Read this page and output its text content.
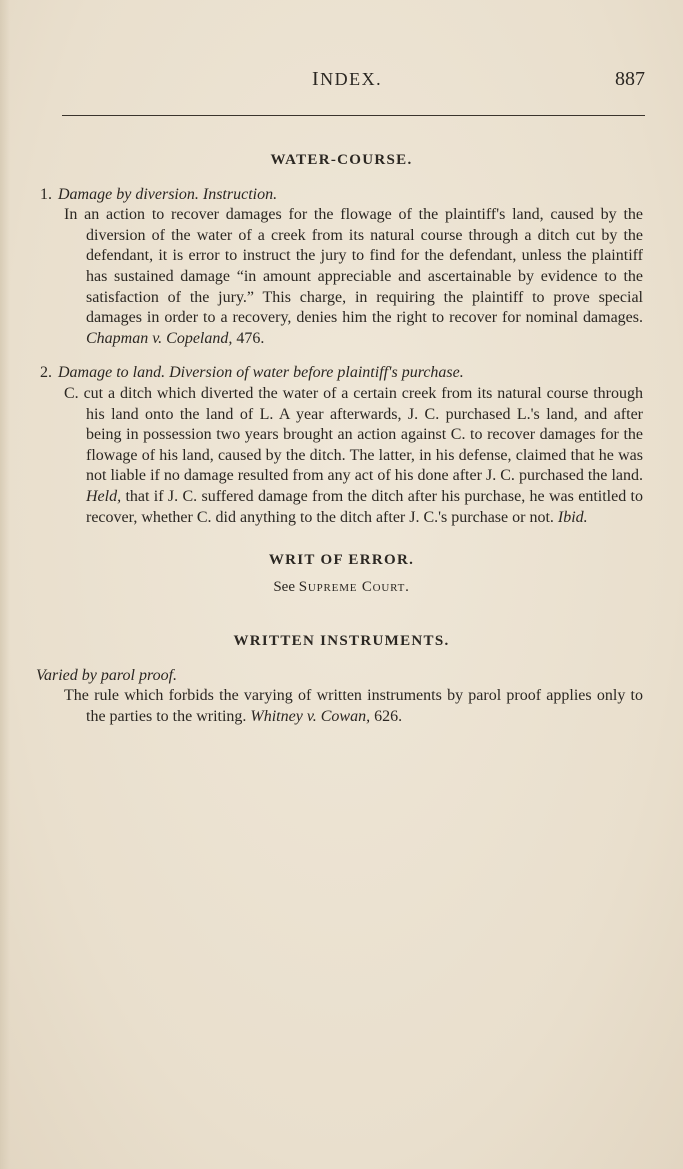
INDEX.	887
WATER-COURSE.
1. Damage by diversion. Instruction.

In an action to recover damages for the flowage of the plaintiff's land, caused by the diversion of the water of a creek from its natural course through a ditch cut by the defendant, it is error to instruct the jury to find for the defendant, unless the plaintiff has sustained damage “in amount appreciable and ascertainable by evidence to the satisfaction of the jury.” This charge, in requiring the plaintiff to prove special damages in order to a recovery, denies him the right to recover for nominal damages. Chapman v. Copeland, 476.

2. Damage to land. Diversion of water before plaintiff's purchase.

C. cut a ditch which diverted the water of a certain creek from its natural course through his land onto the land of L. A year afterwards, J. C. purchased L.'s land, and after being in possession two years brought an action against C. to recover damages for the flowage of his land, caused by the ditch. The latter, in his defense, claimed that he was not liable if no damage resulted from any act of his done after J. C. purchased the land. Held, that if J. C. suffered damage from the ditch after his purchase, he was entitled to recover, whether C. did anything to the ditch after J. C.'s purchase or not. Ibid.

WRIT OF ERROR.
See Supreme Court.
WRITTEN INSTRUMENTS.
Varied by parol proof.

The rule which forbids the varying of written instruments by parol proof applies only to the parties to the writing. Whitney v. Cowan, 626.
